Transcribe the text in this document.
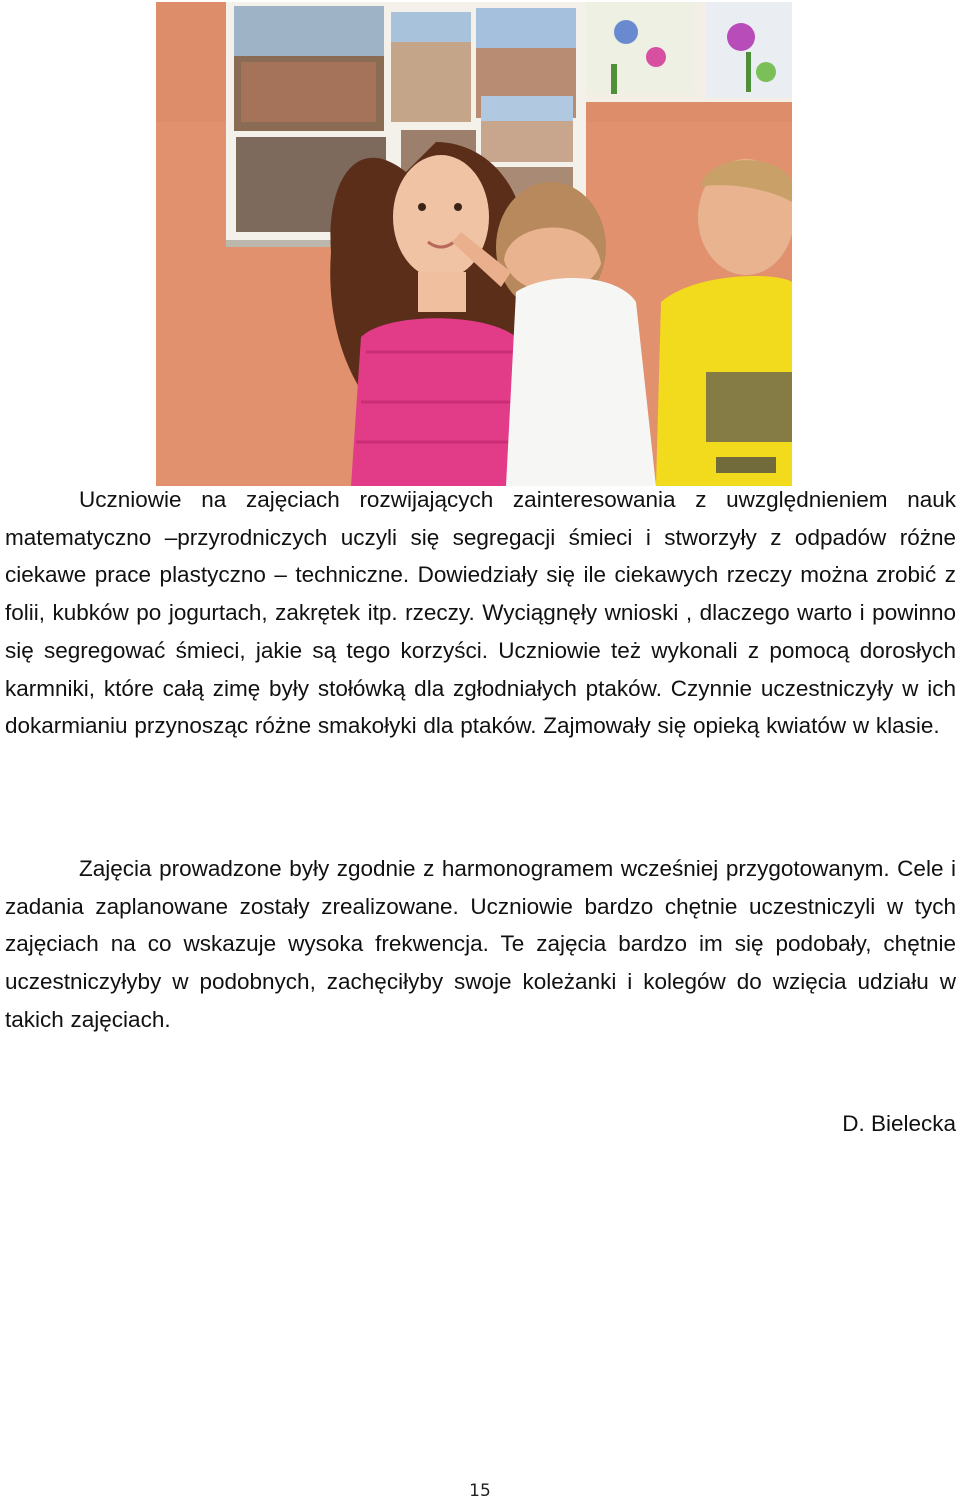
Uczniowie na zajęciach rozwijających zainteresowania z uwzględnieniem nauk matematyczno –przyrodniczych uczyli się segregacji śmieci i stworzyły z odpadów różne ciekawe prace plastyczno – techniczne. Dowiedziały się ile ciekawych rzeczy można zrobić z folii, kubków po jogurtach, zakrętek itp. rzeczy. Wyciągnęły wnioski , dlaczego warto i powinno się segregować śmieci, jakie są tego korzyści. Uczniowie też wykonali z pomocą dorosłych karmniki, które całą zimę były stołówką dla zgłodniałych ptaków. Czynnie uczestniczyły w ich dokarmianiu przynosząc różne smakołyki dla ptaków. Zajmowały się opieką kwiatów w klasie.

Zajęcia prowadzone były zgodnie z harmonogramem wcześniej przygotowanym. Cele i zadania zaplanowane zostały zrealizowane. Uczniowie bardzo chętnie uczestniczyli w tych zajęciach na co wskazuje wysoka frekwencja. Te zajęcia bardzo im się podobały, chętnie uczestniczyłyby w podobnych, zachęciłyby swoje koleżanki i kolegów do wzięcia udziału w takich zajęciach.

D. Bielecka

15
